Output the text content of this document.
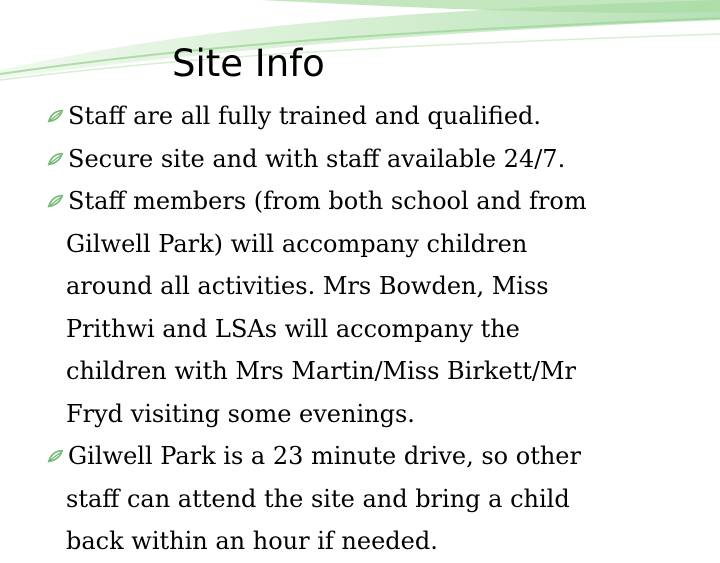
Site Info
Staff are all fully trained and qualified.
Secure site and with staff available 24/7.
Staff members (from both school and from
Gilwell Park) will accompany children
around all activities. Mrs Bowden, Miss
Prithwi and LSAs will accompany the
children with Mrs Martin/Miss Birkett/Mr
Fryd visiting some evenings.
Gilwell Park is a 23 minute drive, so other
staff can attend the site and bring a child
back within an hour if needed.
